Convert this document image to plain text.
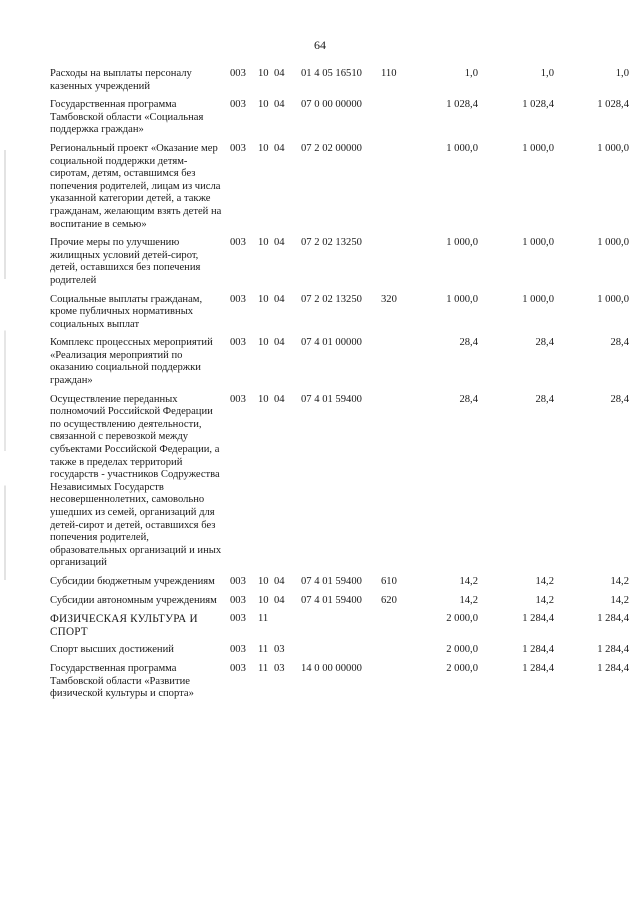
64
Расходы на выплаты персоналу казенных учреждений	003	10	04	01 4 05 16510	110	1,0	1,0	1,0
Государственная программа Тамбовской области «Социальная поддержка граждан»	003	10	04	07 0 00 00000		1 028,4	1 028,4	1 028,4
Региональный проект «Оказание мер социальной поддержки детям-сиротам, детям, оставшимся без попечения родителей, лицам из числа указанной категории детей, а также гражданам, желающим взять детей на воспитание в семью»	003	10	04	07 2 02 00000		1 000,0	1 000,0	1 000,0
Прочие меры по улучшению жилищных условий детей-сирот, детей, оставшихся без попечения родителей	003	10	04	07 2 02 13250		1 000,0	1 000,0	1 000,0
Социальные выплаты гражданам, кроме публичных нормативных социальных выплат	003	10	04	07 2 02 13250	320	1 000,0	1 000,0	1 000,0
Комплекс процессных мероприятий «Реализация мероприятий по оказанию социальной поддержки граждан»	003	10	04	07 4 01 00000		28,4	28,4	28,4
Осуществление переданных полномочий Российской Федерации по осуществлению деятельности, связанной с перевозкой между субъектами Российской Федерации, а также в пределах территорий государств - участников Содружества Независимых Государств несовершеннолетних, самовольно ушедших из семей, организаций для детей-сирот и детей, оставшихся без попечения родителей, образовательных организаций и иных организаций	003	10	04	07 4 01 59400		28,4	28,4	28,4
Субсидии бюджетным учреждениям	003	10	04	07 4 01 59400	610	14,2	14,2	14,2
Субсидии автономным учреждениям	003	10	04	07 4 01 59400	620	14,2	14,2	14,2
ФИЗИЧЕСКАЯ КУЛЬТУРА И СПОРТ	003	11				2 000,0	1 284,4	1 284,4
Спорт высших достижений	003	11	03			2 000,0	1 284,4	1 284,4
Государственная программа Тамбовской области «Развитие физической культуры и спорта»	003	11	03	14 0 00 00000		2 000,0	1 284,4	1 284,4
